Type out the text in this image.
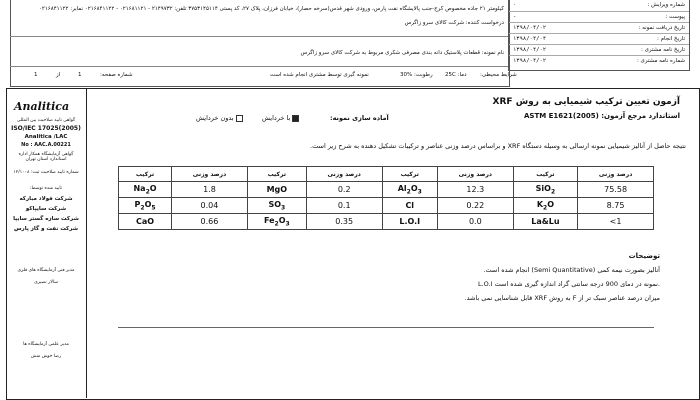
کیلومتر ۲۱ جاده مخصوص کرج-جنب پالایشگاه نفت پارس، ورودی شهر قدس(سرخه حصار)، خیابان فرزان، پلاک ۲۷، کد پستی ۳۷۵۳۱۴۵۱۱۴ تلفن: ۲۱۴۹۷۳۲ - ۰۲۱۶۸۱۱۲۱ - ۰۲۱۶۸۴۱۱۲۲ نمابر: ۰۲۱۶۸۴۱۱۲۲
درخواست کننده: شرکت کالای سرو زاگرس
نام نمونه: قطعات پلاستیک دانه بندی مصرفی شکری مربوط به شرکت کالای سرو زاگرس
شرایط محیطی:
دما: 25C
رطوبت: %30
نمونه گیری توسط مشتری انجام شده است
شماره صفحه:
1
از
1
شماره ویرایش :
۰
پیوست :
-
تاریخ دریافت نمونه :
۱۳۹۸/۰۴/۰۲
تاریخ انجام :
۱۳۹۸/۰۴/۰۴
تاریخ نامه مشتری :
۱۳۹۸/۰۴/۰۲
شماره نامه مشتری :
۱۳۹۸/۰۴/۰۲
Analitica
گواهی تایید صلاحیت بین المللی
ISO/IEC 17025(2005)
Analitica /LAC
No : AAC.A.00221
گواهی آزمایشگاه همکار اداره استاندارد استان تهران
شماره تایید صلاحیت ثبت: ۱۲/۱۰۰۸
تایید شده توسط:
شرکت فولاد مبارکه
شرکت سایپاکو
شرکت سازه گستر سایپا
شرکت نفت و گاز پارس
مدیر فنی آزمایشگاه های فلزی
سالار نصیری
مدیر علمی آزمایشگاه ها
رضا خوش منش
آزمون تعیین ترکیب شیمیایی به روش XRF
استاندارد مرجع آزمون: ASTM E1621(2005)
آماده سازی نمونه:
با خردایش
بدون خردایش
نتیجه حاصل از آنالیز شیمیایی نمونه ارسالی به وسیله دستگاه XRF و براساس درصد وزنی عناصر و ترکیبات تشکیل دهنده به شرح زیر است.
ترکیب	درصد وزنی	ترکیب	درصد وزنی	ترکیب	درصد وزنی	ترکیب	درصد وزنی
$Na_2O$	1.8	MgO	0.2	$Al_2O_3$	12.3	SiO$_2$	75.58
$P_2O_5$	0.04	$SO_3$	0.1	Cl	0.22	$K_2O$	8.75
CaO	0.66	$Fe_2O_3$	0.35	L.O.I	0.0	La&Lu	<1
توضیحات
آنالیز بصورت نیمه کمی (Semi Quantitative) انجام شده است.
L.O.I نمونه در دمای 900 درجه سانتی گراد اندازه گیری شده است.
میزان درصد عناصر سبک تر از F به روش XRF قابل شناسایی نمی باشد.
